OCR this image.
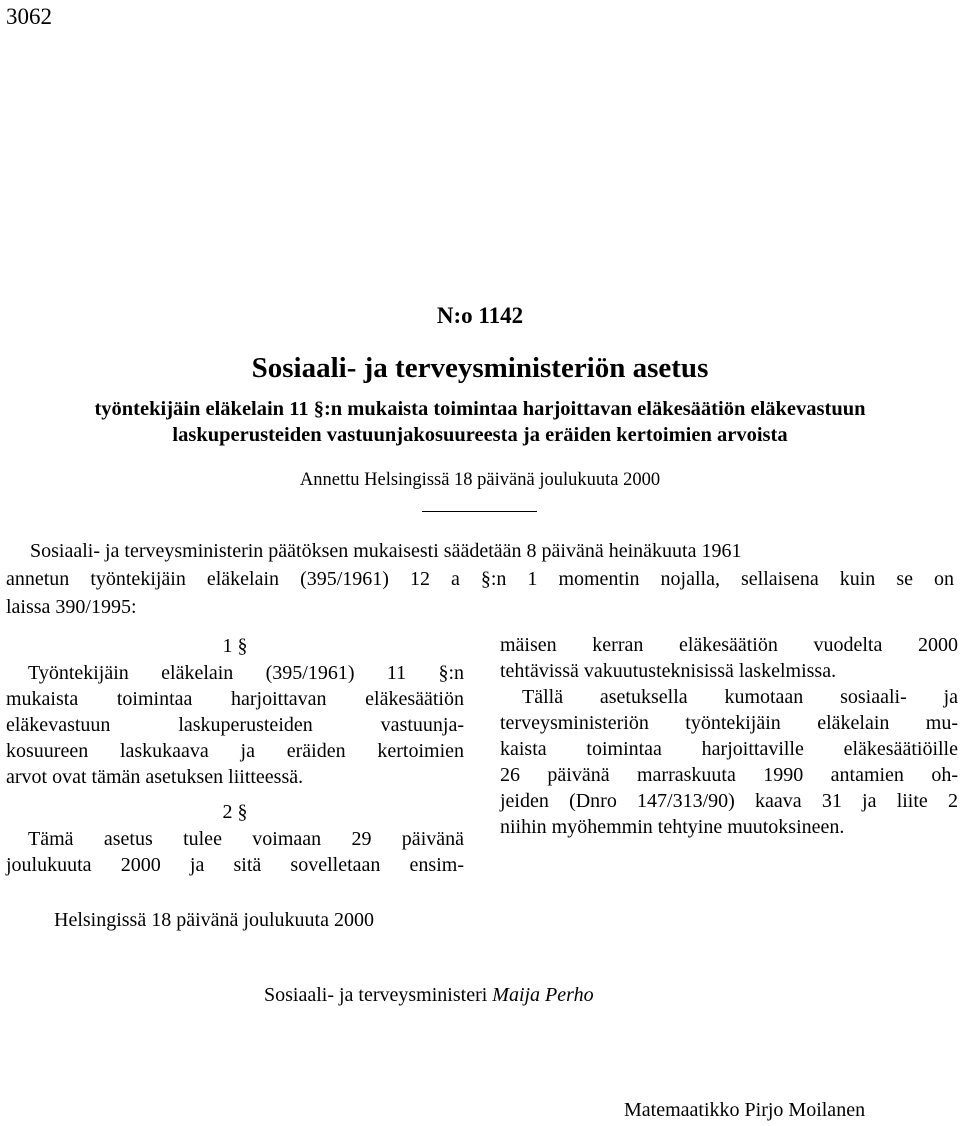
3062
N:o 1142
Sosiaali- ja terveysministeriön asetus
työntekijäin eläkelain 11 §:n mukaista toimintaa harjoittavan eläkesäätiön eläkevastuun
laskuperusteiden vastuunjakosuureesta ja eräiden kertoimien arvoista
Annettu Helsingissä 18 päivänä joulukuuta 2000
Sosiaali- ja terveysministerin päätöksen mukaisesti säädetään 8 päivänä heinäkuuta 1961
annetun työntekijäin eläkelain (395/1961) 12 a §:n 1 momentin nojalla, sellaisena kuin se on
laissa 390/1995:
1 §
Työntekijäin eläkelain (395/1961) 11 §:n
mukaista toimintaa harjoittavan eläkesäätiön
eläkevastuun laskuperusteiden vastuunja-
kosuureen laskukaava ja eräiden kertoimien
arvot ovat tämän asetuksen liitteessä.
2 §
Tämä asetus tulee voimaan 29 päivänä
joulukuuta 2000 ja sitä sovelletaan ensim-
mäisen kerran eläkesäätiön vuodelta 2000
tehtävissä vakuutusteknisissä laskelmissa.
Tällä asetuksella kumotaan sosiaali- ja
terveysministeriön työntekijäin eläkelain mu-
kaista toimintaa harjoittaville eläkesäätiöille
26 päivänä marraskuuta 1990 antamien oh-
jeiden (Dnro 147/313/90) kaava 31 ja liite 2
niihin myöhemmin tehtyine muutoksineen.
Helsingissä 18 päivänä joulukuuta 2000
Sosiaali- ja terveysministeri Maija Perho
Matemaatikko Pirjo Moilanen
